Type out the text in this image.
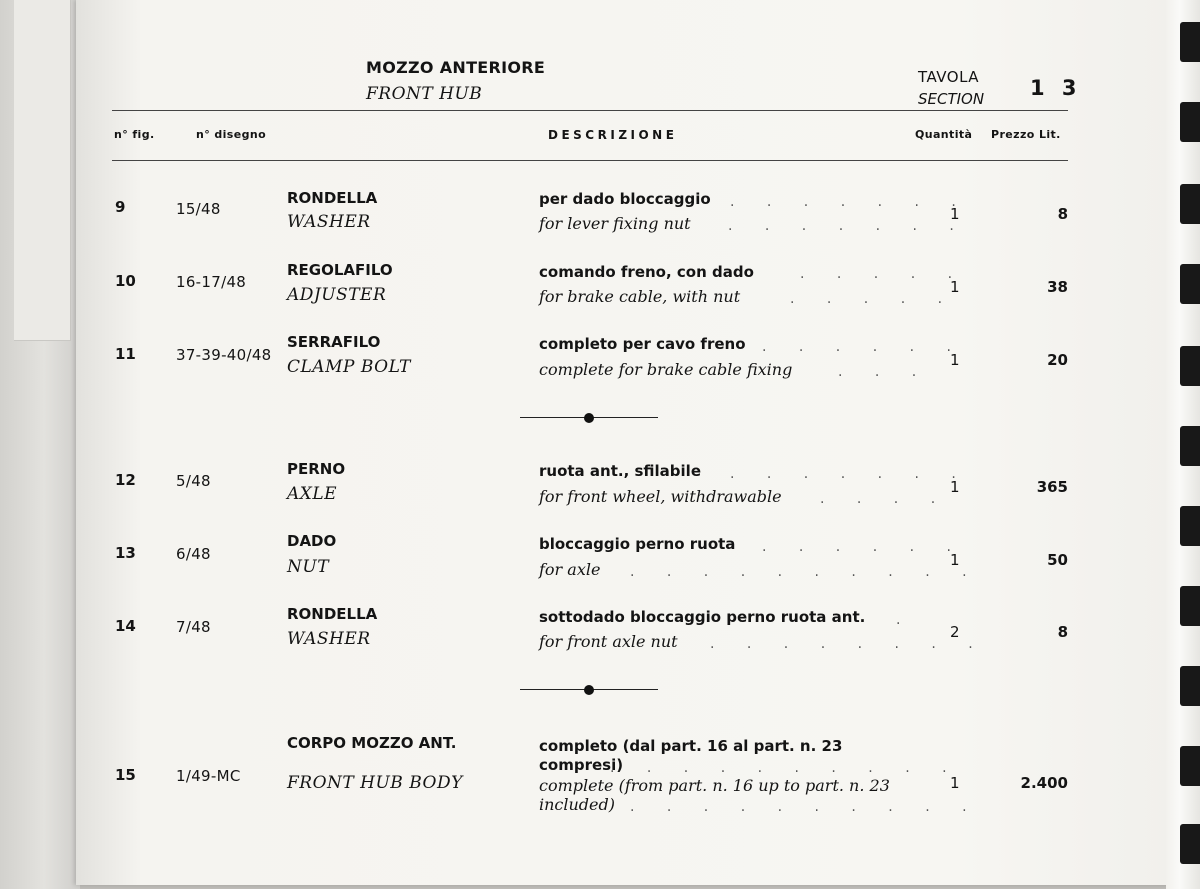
MOZZO ANTERIORE
FRONT HUB
TAVOLA
SECTION 1 3
n° fig.	n° disegno	DESCRIZIONE	Quantità Prezzo Lit.
9	15/48
RONDELLA
WASHER
per dado bloccaggio . . . . . . .
for lever fixing nut	. . . . . . .
1	8
10	16-17/48
REGOLAFILO
ADJUSTER
comando freno, con dado	. . . . .
for brake cable, with nut	. . . . .
1	38
11	37-39-40/48
SERRAFILO
CLAMP BOLT
completo per cavo freno . . . . . .
complete for brake cable fixing	. . .
1	20
12	5/48
PERNO
AXLE
ruota ant., sfilabile . . . . . . .
for front wheel, withdrawable	. . . .
1	365
13	6/48
DADO
NUT
bloccaggio perno ruota . . . . . .
for axle . . . . . . . . . .
1	50
14	7/48
RONDELLA
WASHER
sottodado bloccaggio perno ruota ant. .
for front axle nut . . . . . . . .
2	8
15	1/49-MC
CORPO MOZZO ANT.
FRONT HUB BODY
completo (dal part. 16 al part. n. 23 compresi)
. . . . . . . . . .
complete (from part. n. 16 up to part. n. 23 included)	. . . . . . . . . .
1	2.400
